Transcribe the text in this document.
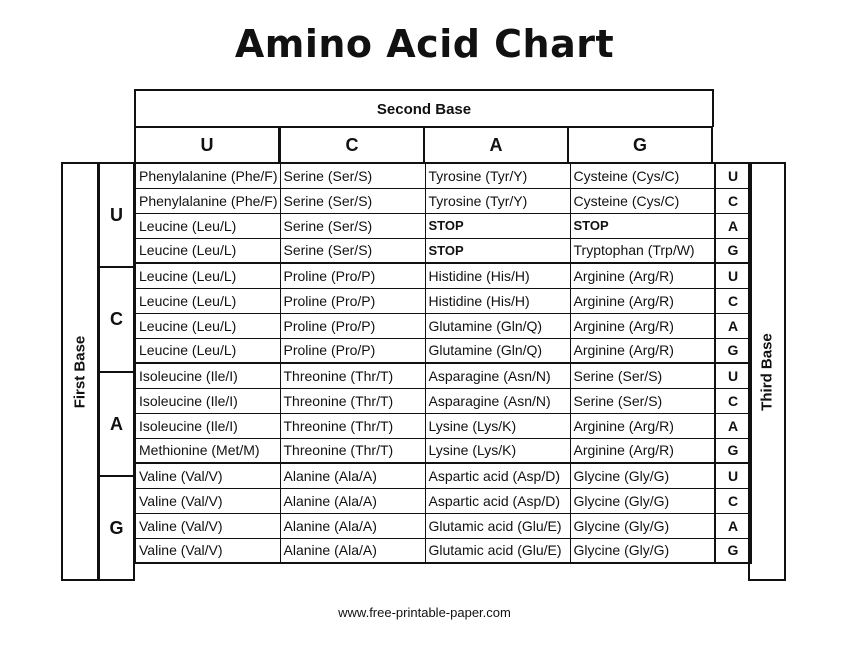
Amino Acid Chart
Second Base
U	C	A	G
First Base
U
C
A
G
Phenylalanine (Phe/F)	Serine (Ser/S)	Tyrosine (Tyr/Y)	Cysteine (Cys/C)	U
Phenylalanine (Phe/F)	Serine (Ser/S)	Tyrosine (Tyr/Y)	Cysteine (Cys/C)	C
Leucine (Leu/L)	Serine (Ser/S)	STOP	STOP	A
Leucine (Leu/L)	Serine (Ser/S)	STOP	Tryptophan (Trp/W)	G
Leucine (Leu/L)	Proline (Pro/P)	Histidine (His/H)	Arginine (Arg/R)	U
Leucine (Leu/L)	Proline (Pro/P)	Histidine (His/H)	Arginine (Arg/R)	C
Leucine (Leu/L)	Proline (Pro/P)	Glutamine (Gln/Q)	Arginine (Arg/R)	A
Leucine (Leu/L)	Proline (Pro/P)	Glutamine (Gln/Q)	Arginine (Arg/R)	G
Isoleucine (Ile/I)	Threonine (Thr/T)	Asparagine (Asn/N)	Serine (Ser/S)	U
Isoleucine (Ile/I)	Threonine (Thr/T)	Asparagine (Asn/N)	Serine (Ser/S)	C
Isoleucine (Ile/I)	Threonine (Thr/T)	Lysine (Lys/K)	Arginine (Arg/R)	A
Methionine (Met/M)	Threonine (Thr/T)	Lysine (Lys/K)	Arginine (Arg/R)	G
Valine (Val/V)	Alanine (Ala/A)	Aspartic acid (Asp/D)	Glycine (Gly/G)	U
Valine (Val/V)	Alanine (Ala/A)	Aspartic acid (Asp/D)	Glycine (Gly/G)	C
Valine (Val/V)	Alanine (Ala/A)	Glutamic acid (Glu/E)	Glycine (Gly/G)	A
Valine (Val/V)	Alanine (Ala/A)	Glutamic acid (Glu/E)	Glycine (Gly/G)	G
Third Base
www.free-printable-paper.com
